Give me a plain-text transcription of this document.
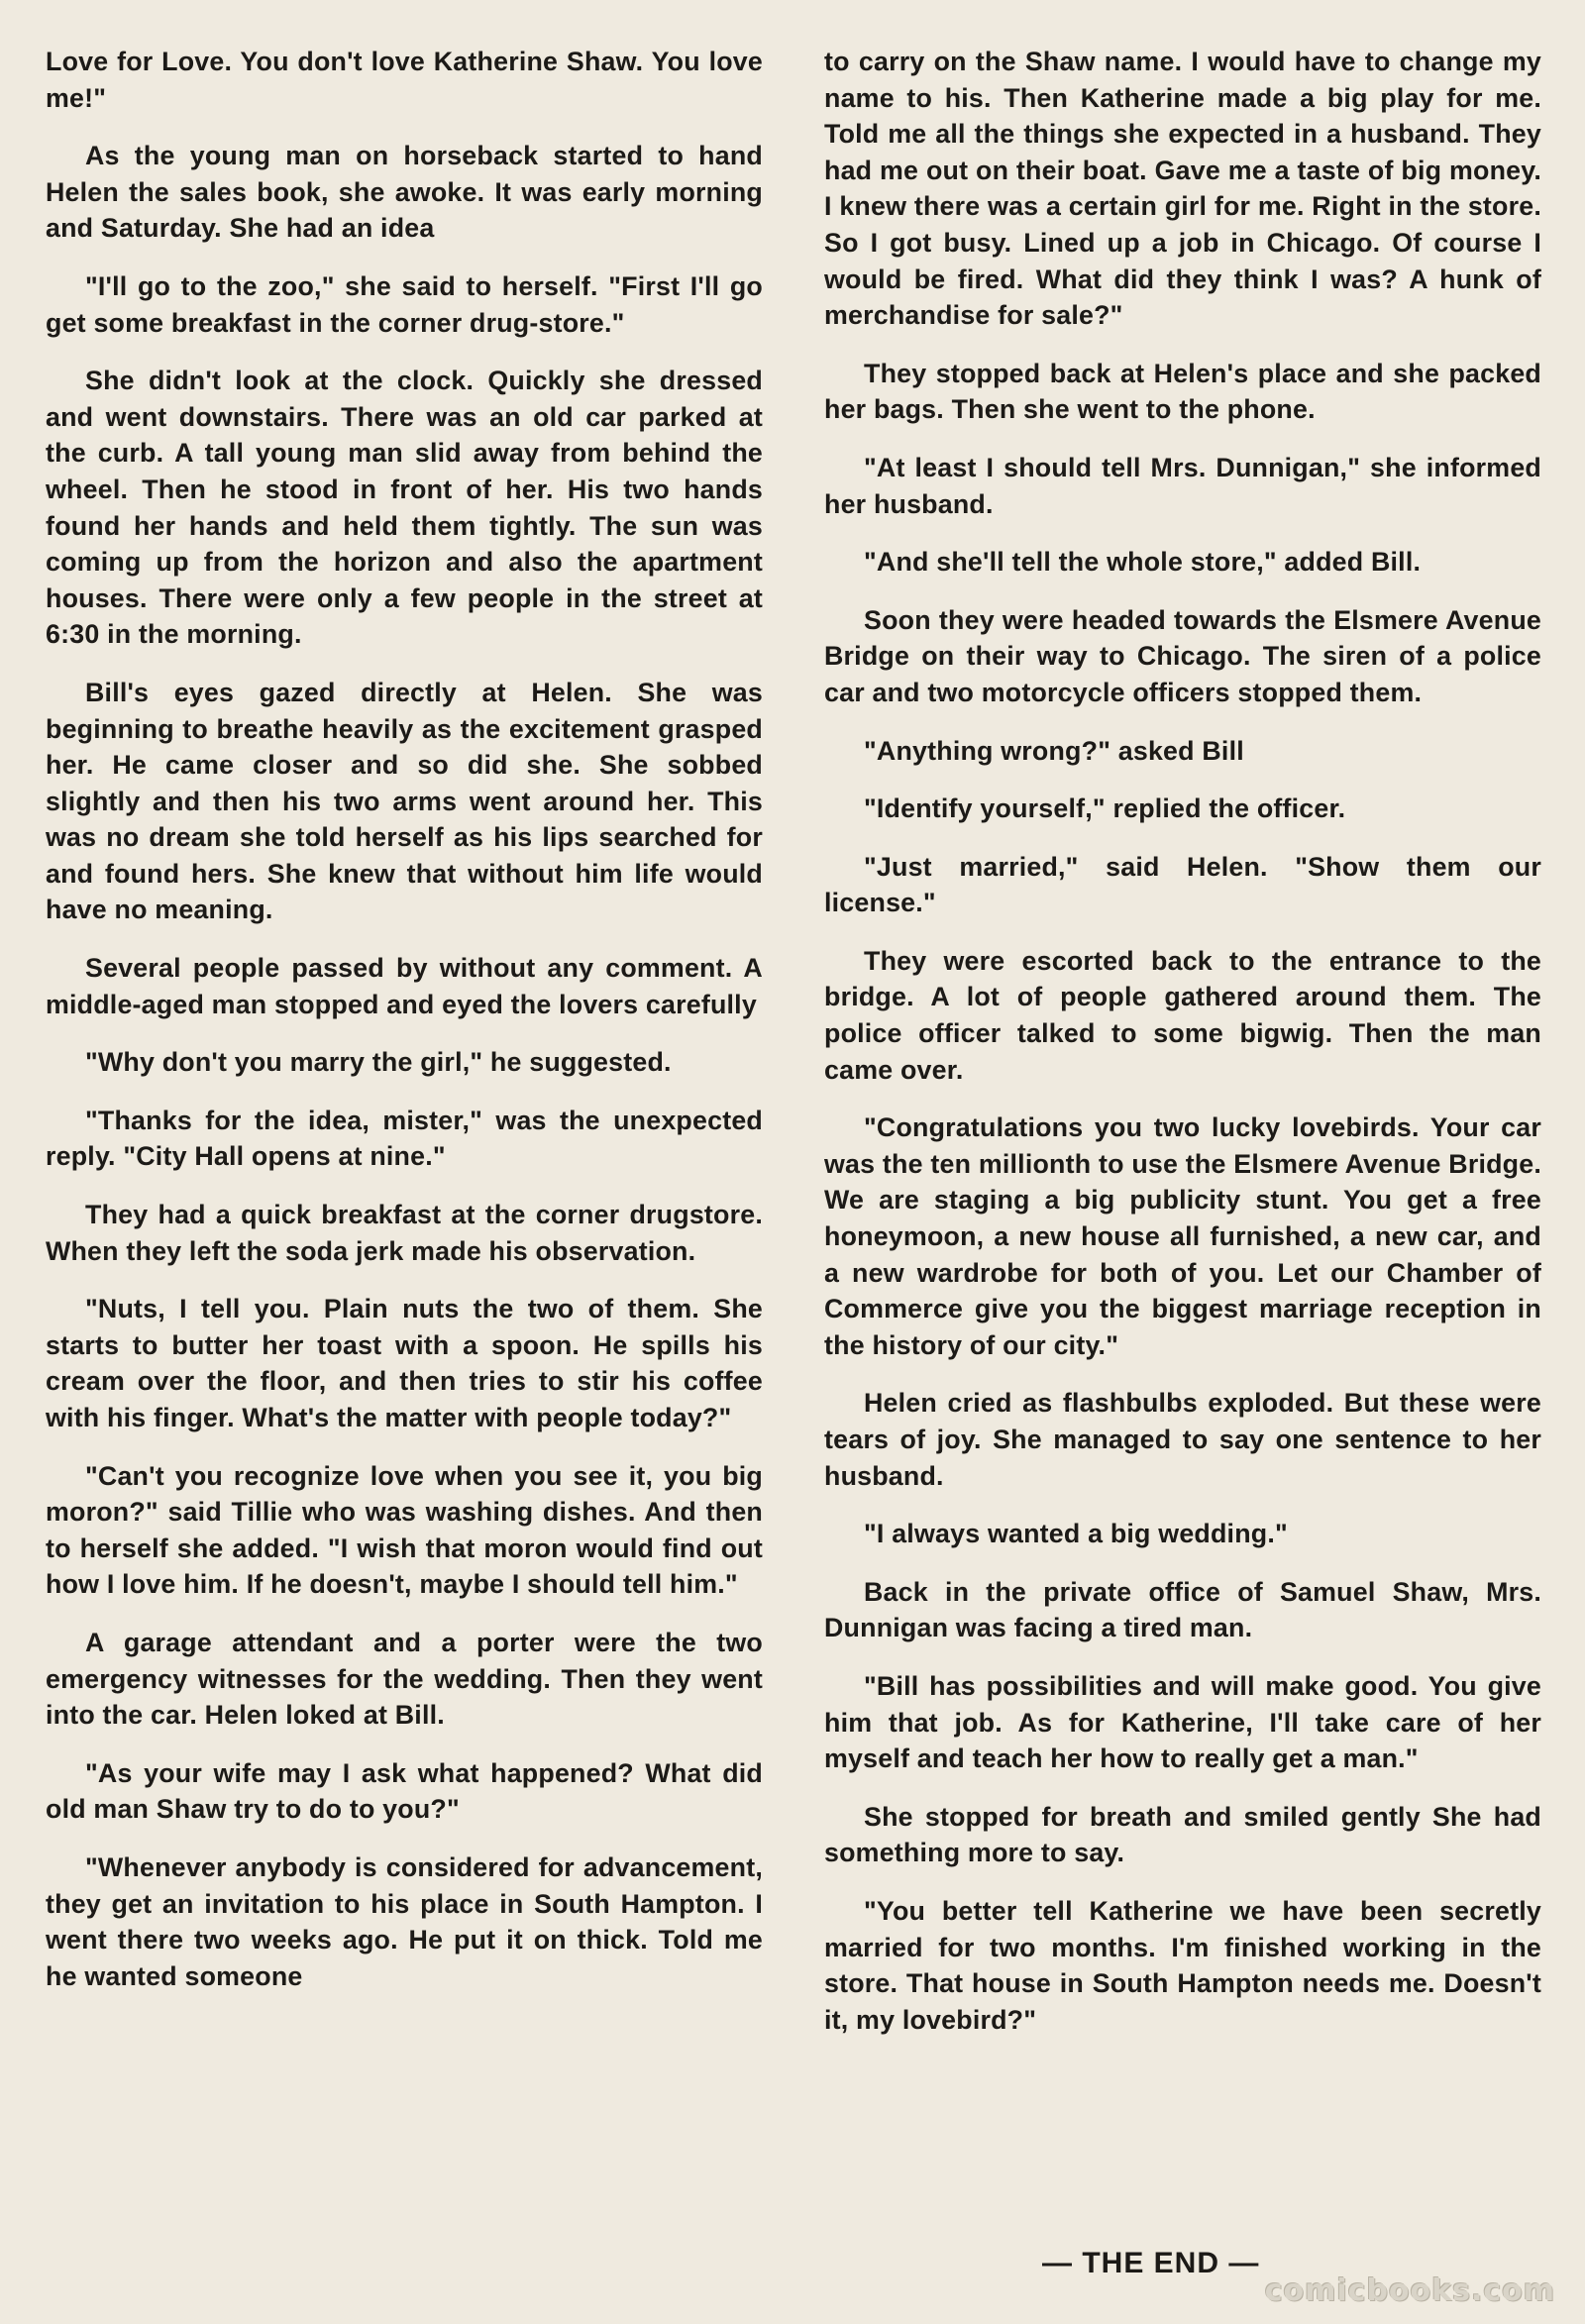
Love for Love. You don't love Katherine Shaw. You love me!"

As the young man on horseback started to hand Helen the sales book, she awoke. It was early morning and Saturday. She had an idea

"I'll go to the zoo," she said to herself. "First I'll go get some breakfast in the corner drug-store."

She didn't look at the clock. Quickly she dressed and went downstairs. There was an old car parked at the curb. A tall young man slid away from behind the wheel. Then he stood in front of her. His two hands found her hands and held them tightly. The sun was coming up from the horizon and also the apartment houses. There were only a few people in the street at 6:30 in the morning.

Bill's eyes gazed directly at Helen. She was beginning to breathe heavily as the excitement grasped her. He came closer and so did she. She sobbed slightly and then his two arms went around her. This was no dream she told herself as his lips searched for and found hers. She knew that without him life would have no meaning.

Several people passed by without any comment. A middle-aged man stopped and eyed the lovers carefully

"Why don't you marry the girl," he suggested.

"Thanks for the idea, mister," was the unexpected reply. "City Hall opens at nine."

They had a quick breakfast at the corner drugstore. When they left the soda jerk made his observation.

"Nuts, I tell you. Plain nuts the two of them. She starts to butter her toast with a spoon. He spills his cream over the floor, and then tries to stir his coffee with his finger. What's the matter with people today?"

"Can't you recognize love when you see it, you big moron?" said Tillie who was washing dishes. And then to herself she added. "I wish that moron would find out how I love him. If he doesn't, maybe I should tell him."

A garage attendant and a porter were the two emergency witnesses for the wedding. Then they went into the car. Helen loked at Bill.

"As your wife may I ask what happened? What did old man Shaw try to do to you?"

"Whenever anybody is considered for advancement, they get an invitation to his place in South Hampton. I went there two weeks ago. He put it on thick. Told me he wanted someone

to carry on the Shaw name. I would have to change my name to his. Then Katherine made a big play for me. Told me all the things she expected in a husband. They had me out on their boat. Gave me a taste of big money. I knew there was a certain girl for me. Right in the store. So I got busy. Lined up a job in Chicago. Of course I would be fired. What did they think I was? A hunk of merchandise for sale?"

They stopped back at Helen's place and she packed her bags. Then she went to the phone.

"At least I should tell Mrs. Dunnigan," she informed her husband.

"And she'll tell the whole store," added Bill.

Soon they were headed towards the Elsmere Avenue Bridge on their way to Chicago. The siren of a police car and two motorcycle officers stopped them.

"Anything wrong?" asked Bill

"Identify yourself," replied the officer.

"Just married," said Helen. "Show them our license."

They were escorted back to the entrance to the bridge. A lot of people gathered around them. The police officer talked to some bigwig. Then the man came over.

"Congratulations you two lucky lovebirds. Your car was the ten millionth to use the Elsmere Avenue Bridge. We are staging a big publicity stunt. You get a free honeymoon, a new house all furnished, a new car, and a new wardrobe for both of you. Let our Chamber of Commerce give you the biggest marriage reception in the history of our city."

Helen cried as flashbulbs exploded. But these were tears of joy. She managed to say one sentence to her husband.

"I always wanted a big wedding."

Back in the private office of Samuel Shaw, Mrs. Dunnigan was facing a tired man.

"Bill has possibilities and will make good. You give him that job. As for Katherine, I'll take care of her myself and teach her how to really get a man."

She stopped for breath and smiled gently She had something more to say.

"You better tell Katherine we have been secretly married for two months. I'm finished working in the store. That house in South Hampton needs me. Doesn't it, my lovebird?"

— THE END —
comicbooks.com
